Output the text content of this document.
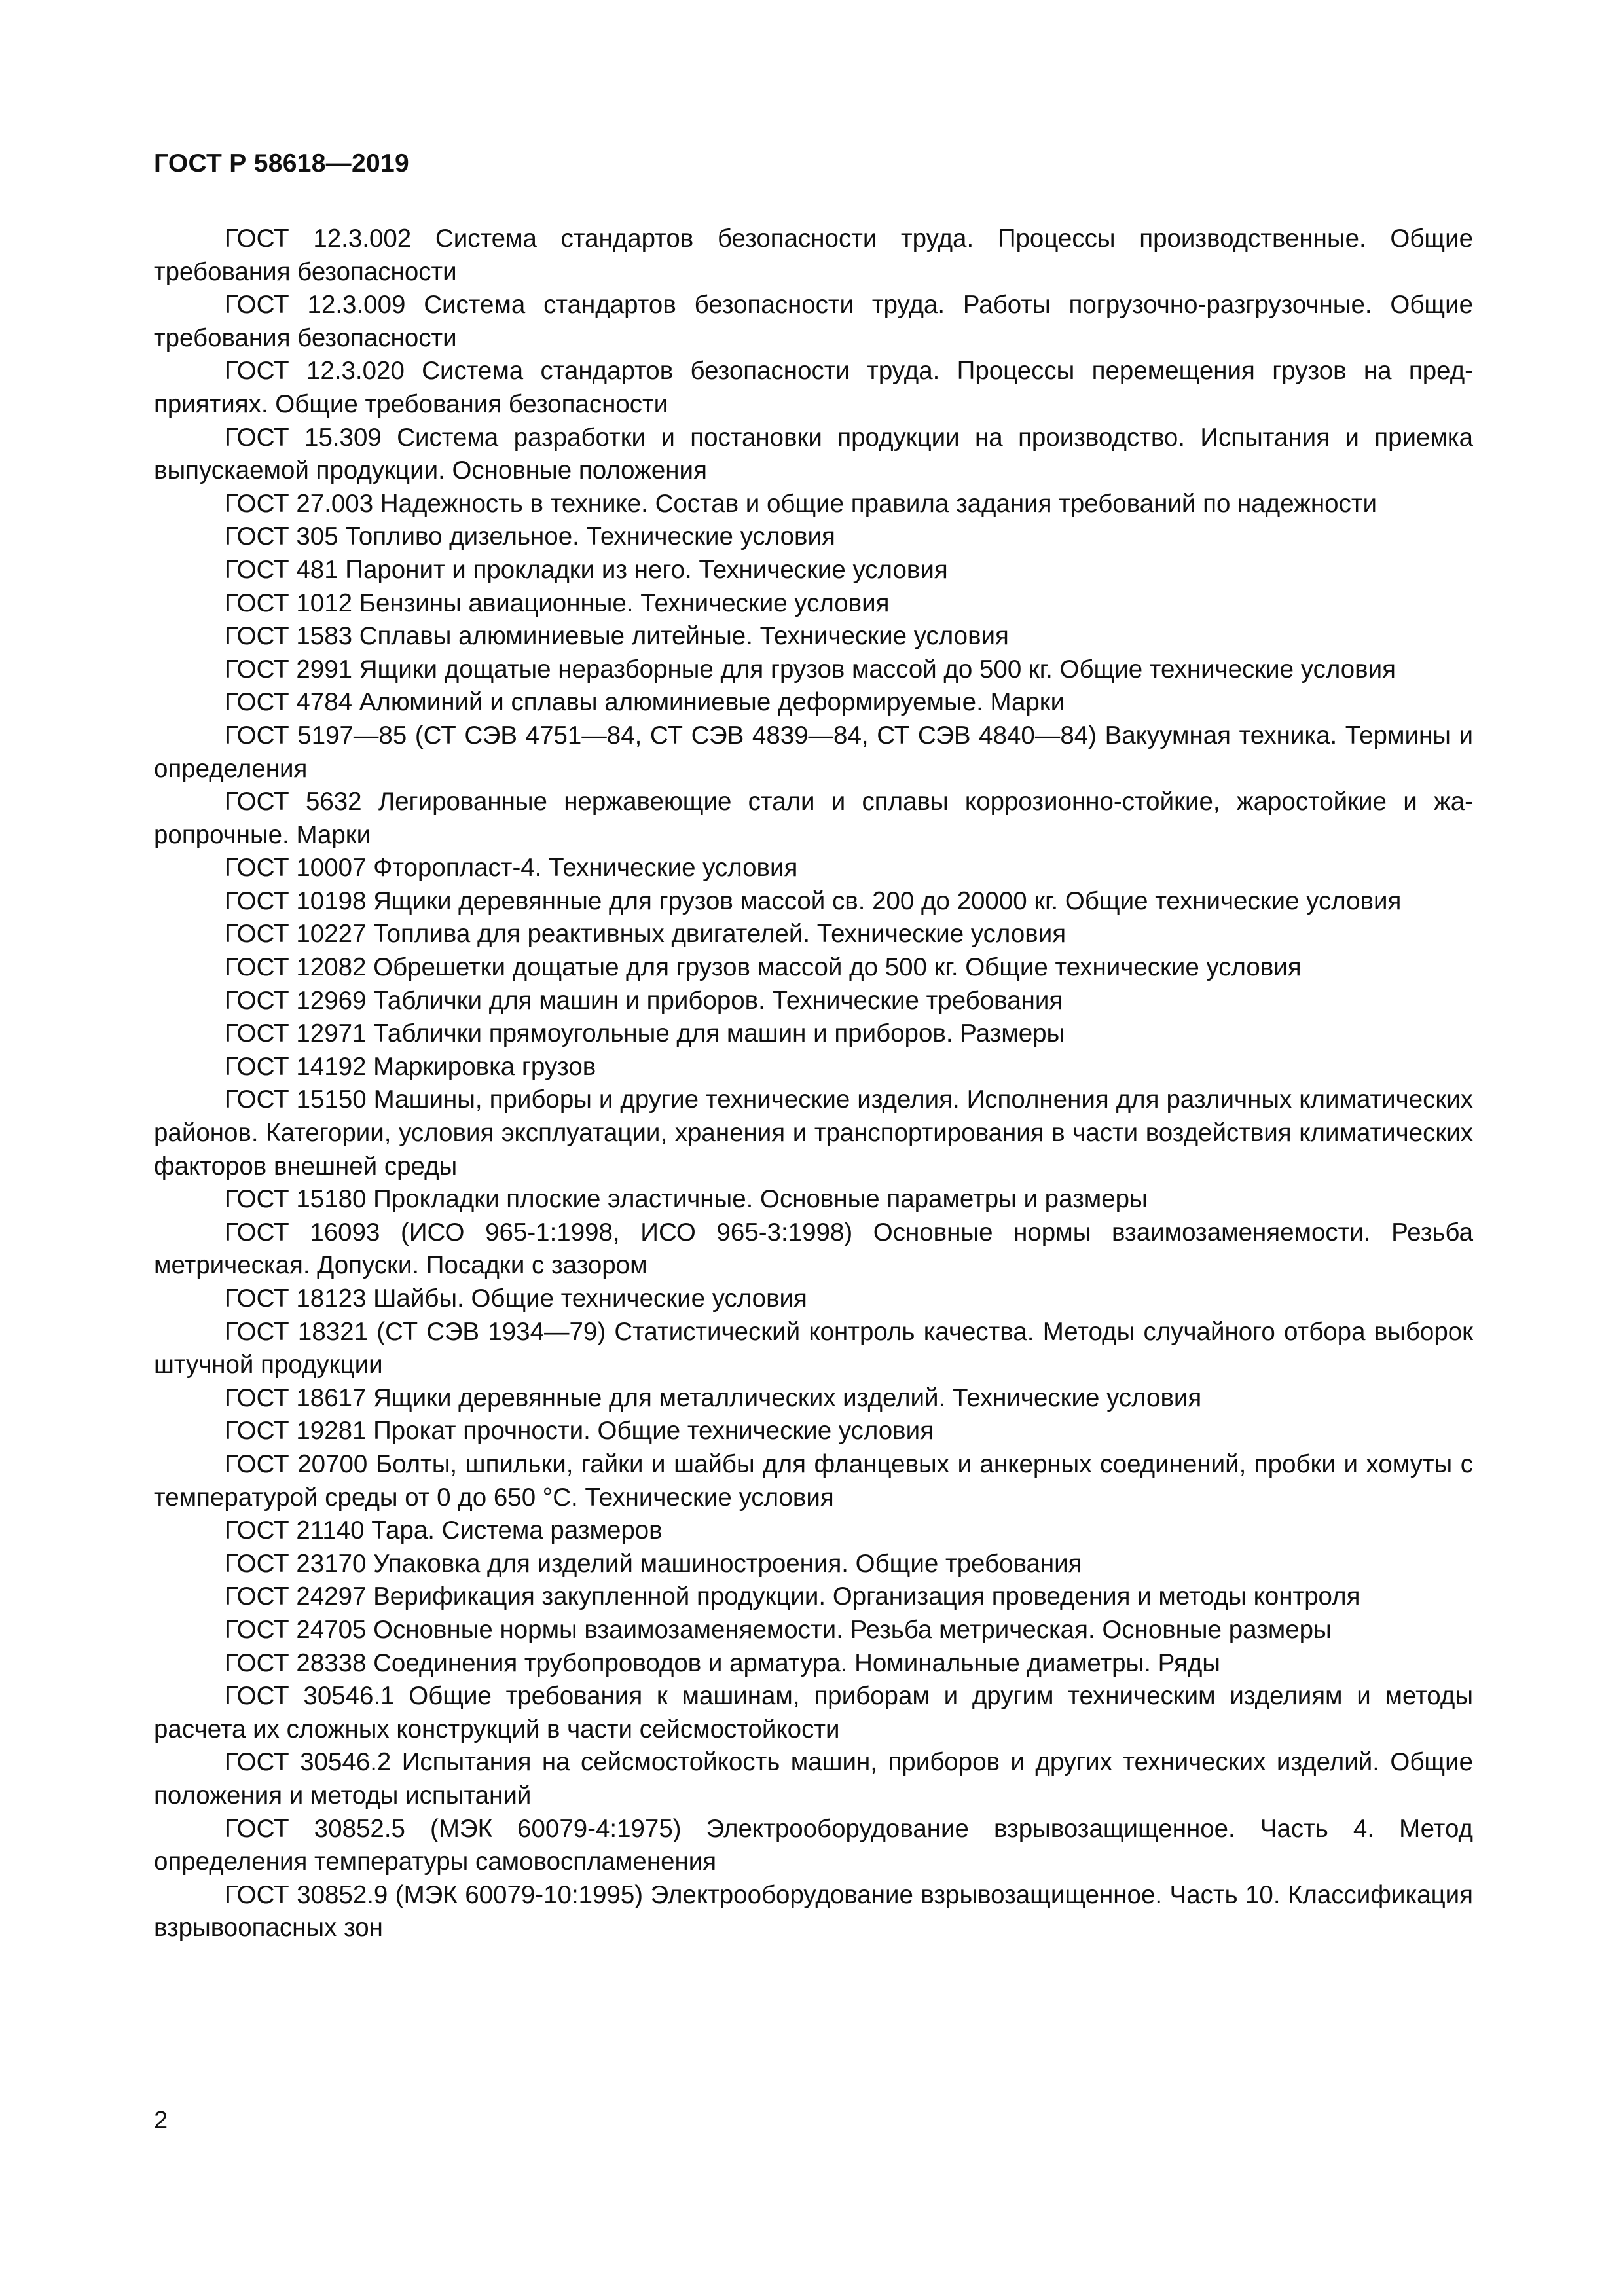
ГОСТ Р 58618—2019
ГОСТ 12.3.002 Система стандартов безопасности труда. Процессы производственные. Общие требования безопасности
ГОСТ 12.3.009 Система стандартов безопасности труда. Работы погрузочно-разгрузочные. Общие требования безопасности
ГОСТ 12.3.020 Система стандартов безопасности труда. Процессы перемещения грузов на предприятиях. Общие требования безопасности
ГОСТ 15.309 Система разработки и постановки продукции на производство. Испытания и приемка выпускаемой продукции. Основные положения
ГОСТ 27.003 Надежность в технике. Состав и общие правила задания требований по надежности
ГОСТ 305 Топливо дизельное. Технические условия
ГОСТ 481 Паронит и прокладки из него. Технические условия
ГОСТ 1012 Бензины авиационные. Технические условия
ГОСТ 1583 Сплавы алюминиевые литейные. Технические условия
ГОСТ 2991 Ящики дощатые неразборные для грузов массой до 500 кг. Общие технические условия
ГОСТ 4784 Алюминий и сплавы алюминиевые деформируемые. Марки
ГОСТ 5197—85 (СТ СЭВ 4751—84, СТ СЭВ 4839—84, СТ СЭВ 4840—84) Вакуумная техника. Термины и определения
ГОСТ 5632 Легированные нержавеющие стали и сплавы коррозионно-стойкие, жаростойкие и жаропрочные. Марки
ГОСТ 10007 Фторопласт-4. Технические условия
ГОСТ 10198 Ящики деревянные для грузов массой св. 200 до 20000 кг. Общие технические условия
ГОСТ 10227 Топлива для реактивных двигателей. Технические условия
ГОСТ 12082 Обрешетки дощатые для грузов массой до 500 кг. Общие технические условия
ГОСТ 12969 Таблички для машин и приборов. Технические требования
ГОСТ 12971 Таблички прямоугольные для машин и приборов. Размеры
ГОСТ 14192 Маркировка грузов
ГОСТ 15150 Машины, приборы и другие технические изделия. Исполнения для различных климатических районов. Категории, условия эксплуатации, хранения и транспортирования в части воздействия климатических факторов внешней среды
ГОСТ 15180 Прокладки плоские эластичные. Основные параметры и размеры
ГОСТ 16093 (ИСО 965-1:1998, ИСО 965-3:1998) Основные нормы взаимозаменяемости. Резьба метрическая. Допуски. Посадки с зазором
ГОСТ 18123 Шайбы. Общие технические условия
ГОСТ 18321 (СТ СЭВ 1934—79) Статистический контроль качества. Методы случайного отбора выборок штучной продукции
ГОСТ 18617 Ящики деревянные для металлических изделий. Технические условия
ГОСТ 19281 Прокат прочности. Общие технические условия
ГОСТ 20700 Болты, шпильки, гайки и шайбы для фланцевых и анкерных соединений, пробки и хомуты с температурой среды от 0 до 650 °С. Технические условия
ГОСТ 21140 Тара. Система размеров
ГОСТ 23170 Упаковка для изделий машиностроения. Общие требования
ГОСТ 24297 Верификация закупленной продукции. Организация проведения и методы контроля
ГОСТ 24705 Основные нормы взаимозаменяемости. Резьба метрическая. Основные размеры
ГОСТ 28338 Соединения трубопроводов и арматура. Номинальные диаметры. Ряды
ГОСТ 30546.1 Общие требования к машинам, приборам и другим техническим изделиям и методы расчета их сложных конструкций в части сейсмостойкости
ГОСТ 30546.2 Испытания на сейсмостойкость машин, приборов и других технических изделий. Общие положения и методы испытаний
ГОСТ 30852.5 (МЭК 60079-4:1975) Электрооборудование взрывозащищенное. Часть 4. Метод определения температуры самовоспламенения
ГОСТ 30852.9 (МЭК 60079-10:1995) Электрооборудование взрывозащищенное. Часть 10. Классификация взрывоопасных зон
2
